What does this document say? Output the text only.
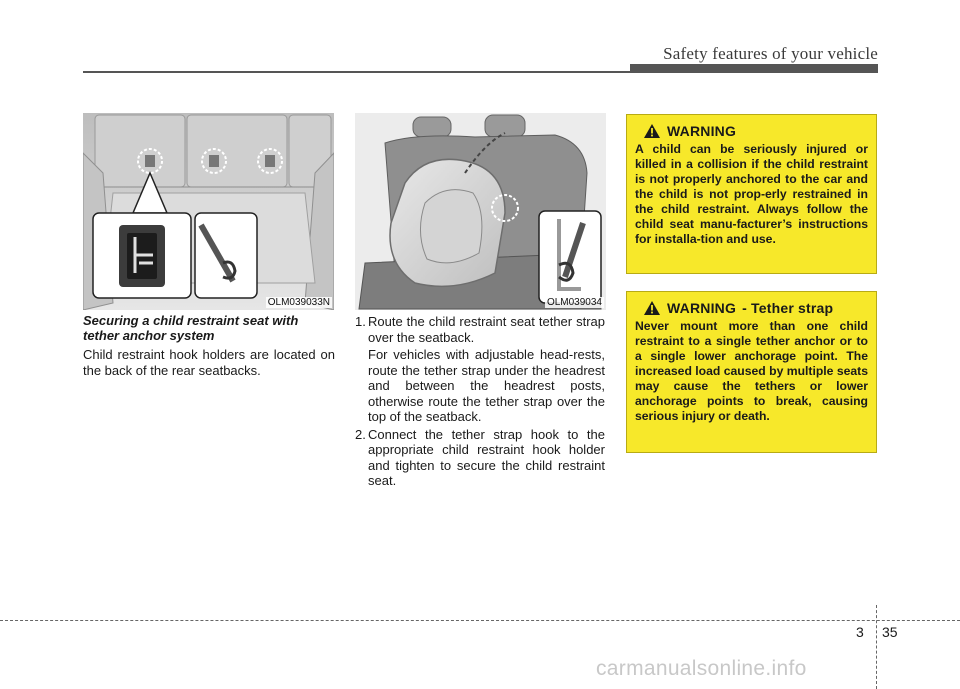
Safety features of your vehicle
OLM039033N	OLM039034
Securing a child restraint seat with tether anchor system
Child restraint hook holders are located on the back of the rear seatbacks.
1. Route the child restraint seat tether strap over the seatback.
For vehicles with adjustable head-rests, route the tether strap under the headrest and between the headrest posts, otherwise route the tether strap over the top of the seatback.
2. Connect the tether strap hook to the appropriate child restraint hook holder and tighten to secure the child restraint seat.
WARNING
A child can be seriously injured or killed in a collision if the child restraint is not properly anchored to the car and the child is not prop-erly restrained in the child restraint. Always follow the child seat manu-facturer’s instructions for installa-tion and use.
WARNING - Tether strap
Never mount more than one child restraint to a single tether anchor or to a single lower anchorage point. The increased load caused by multiple seats may cause the tethers or lower anchorage points to break, causing serious injury or death.
3 35
carmanualsonline.info
